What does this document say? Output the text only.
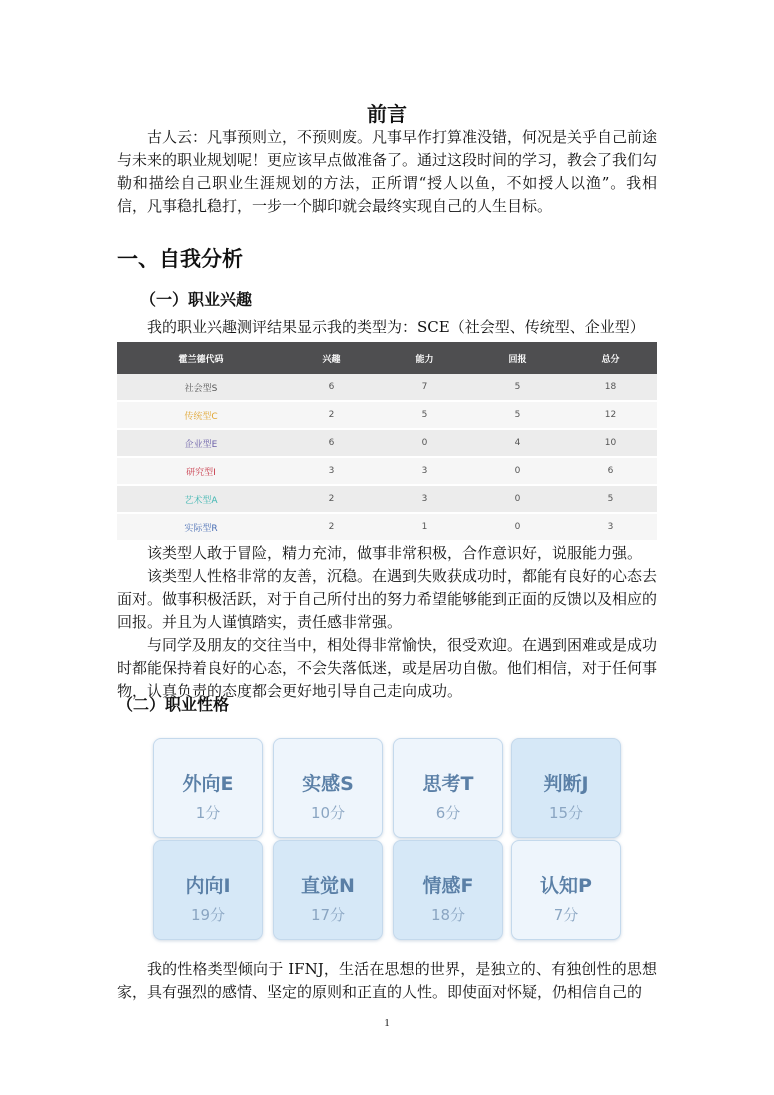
前言

古人云：凡事预则立，不预则废。凡事早作打算准没错，何况是关乎自己前途与未来的职业规划呢！更应该早点做准备了。通过这段时间的学习，教会了我们勾勒和描绘自己职业生涯规划的方法，正所谓“授人以鱼，不如授人以渔”。我相信，凡事稳扎稳打，一步一个脚印就会最终实现自己的人生目标。

一、自我分析
（一）职业兴趣

我的职业兴趣测评结果显示我的类型为：SCE（社会型、传统型、企业型）

霍兰德代码	兴趣	能力	回报	总分
社会型S	6	7	5	18
传统型C	2	5	5	12
企业型E	6	0	4	10
研究型I	3	3	0	6
艺术型A	2	3	0	5
实际型R	2	1	0	3

该类型人敢于冒险，精力充沛，做事非常积极，合作意识好，说服能力强。

该类型人性格非常的友善，沉稳。在遇到失败获成功时，都能有良好的心态去面对。做事积极活跃，对于自己所付出的努力希望能够能到正面的反馈以及相应的回报。并且为人谨慎踏实，责任感非常强。

与同学及朋友的交往当中，相处得非常愉快，很受欢迎。在遇到困难或是成功时都能保持着良好的心态，不会失落低迷，或是居功自傲。他们相信，对于任何事物，认真负责的态度都会更好地引导自己走向成功。

（二）职业性格
外向E
1分
实感S
10分
思考T
6分
判断J
15分
内向I
19分
直觉N
17分
情感F
18分
认知P
7分

我的性格类型倾向于 IFNJ，生活在思想的世界，是独立的、有独创性的思想家，具有强烈的感情、坚定的原则和正直的人性。即使面对怀疑，仍相信自己的

1
